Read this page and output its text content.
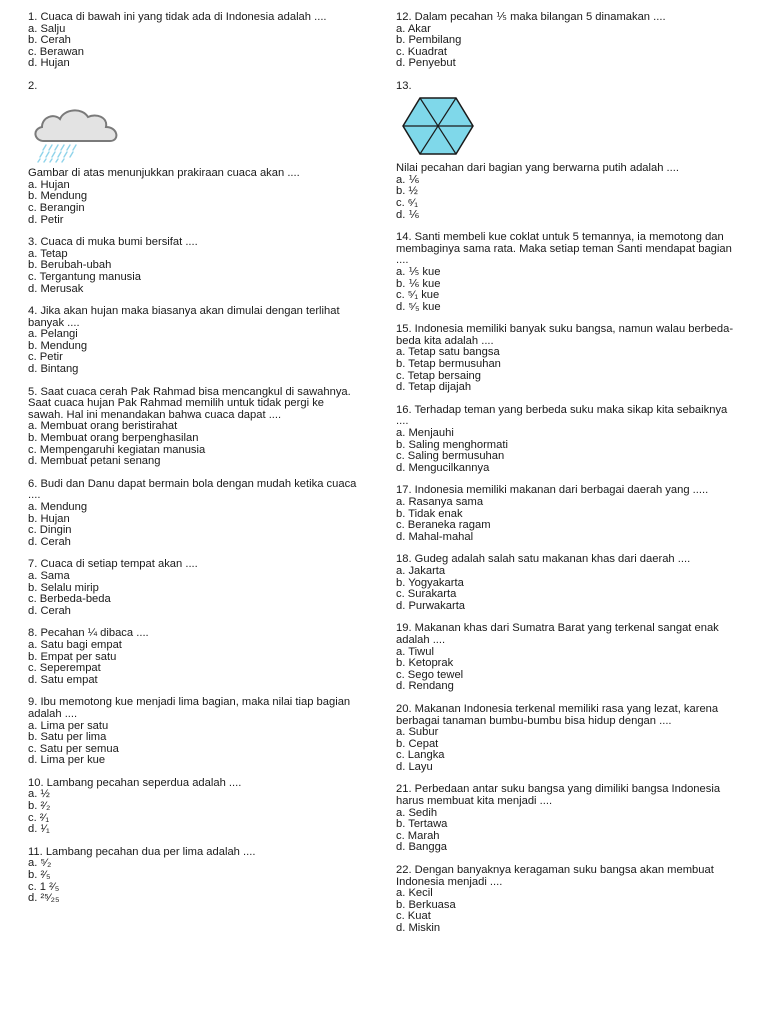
1. Cuaca di bawah ini yang tidak ada di Indonesia adalah ....
a. Salju
b. Cerah
c. Berawan
d. Hujan
2.
Gambar di atas menunjukkan prakiraan cuaca akan ....
a. Hujan
b. Mendung
c. Berangin
d. Petir
3. Cuaca di muka bumi bersifat ....
a. Tetap
b. Berubah-ubah
c. Tergantung manusia
d. Merusak
4. Jika akan hujan maka biasanya akan dimulai dengan terlihat banyak ....
a. Pelangi
b. Mendung
c. Petir
d. Bintang
5. Saat cuaca cerah Pak Rahmad bisa mencangkul di sawahnya. Saat cuaca hujan Pak Rahmad memilih untuk tidak pergi ke sawah. Hal ini menandakan bahwa cuaca dapat ....
a. Membuat orang beristirahat
b. Membuat orang berpenghasilan
c. Mempengaruhi kegiatan manusia
d. Membuat petani senang
6. Budi dan Danu dapat bermain bola dengan mudah ketika cuaca ....
a. Mendung
b. Hujan
c. Dingin
d. Cerah
7. Cuaca di setiap tempat akan ....
a. Sama
b. Selalu mirip
c. Berbeda-beda
d. Cerah
8. Pecahan ¼ dibaca ....
a. Satu bagi empat
b. Empat per satu
c. Seperempat
d. Satu empat
9. Ibu memotong kue menjadi lima bagian, maka nilai tiap bagian adalah ....
a. Lima per satu
b. Satu per lima
c. Satu per semua
d. Lima per kue
10. Lambang pecahan seperdua adalah ....
a. ½
b. ²⁄₂
c. ²⁄₁
d. ¹⁄₁
11. Lambang pecahan dua per lima adalah ....
a. ⁵⁄₂
b. ²⁄₅
c. 1 ²⁄₅
d. ²⁵⁄₂₅
12. Dalam pecahan ⅕ maka bilangan 5 dinamakan ....
a. Akar
b. Pembilang
c. Kuadrat
d. Penyebut
13.
Nilai pecahan dari bagian yang berwarna putih adalah ....
a. ⅙
b. ½
c. ⁶⁄₁
d. ⅙
14. Santi membeli kue coklat untuk 5 temannya, ia memotong dan membaginya sama rata. Maka setiap teman Santi mendapat bagian ....
a. ⅕ kue
b. ⅙ kue
c. ⁵⁄₁ kue
d. ⁵⁄₅ kue
15. Indonesia memiliki banyak suku bangsa, namun walau berbeda-beda kita adalah ....
a. Tetap satu bangsa
b. Tetap bermusuhan
c. Tetap bersaing
d. Tetap dijajah
16. Terhadap teman yang berbeda suku maka sikap kita sebaiknya ....
a. Menjauhi
b. Saling menghormati
c. Saling bermusuhan
d. Mengucilkannya
17. Indonesia memiliki makanan dari berbagai daerah yang .....
a. Rasanya sama
b. Tidak enak
c. Beraneka ragam
d. Mahal-mahal
18. Gudeg adalah salah satu makanan khas dari daerah ....
a. Jakarta
b. Yogyakarta
c. Surakarta
d. Purwakarta
19. Makanan khas dari Sumatra Barat yang terkenal sangat enak adalah ....
a. Tiwul
b. Ketoprak
c. Sego tewel
d. Rendang
20. Makanan Indonesia terkenal memiliki rasa yang lezat, karena berbagai tanaman bumbu-bumbu bisa hidup dengan ....
a. Subur
b. Cepat
c. Langka
d. Layu
21. Perbedaan antar suku bangsa yang dimiliki bangsa Indonesia harus membuat kita menjadi ....
a. Sedih
b. Tertawa
c. Marah
d. Bangga
22. Dengan banyaknya keragaman suku bangsa akan membuat Indonesia menjadi ....
a. Kecil
b. Berkuasa
c. Kuat
d. Miskin
